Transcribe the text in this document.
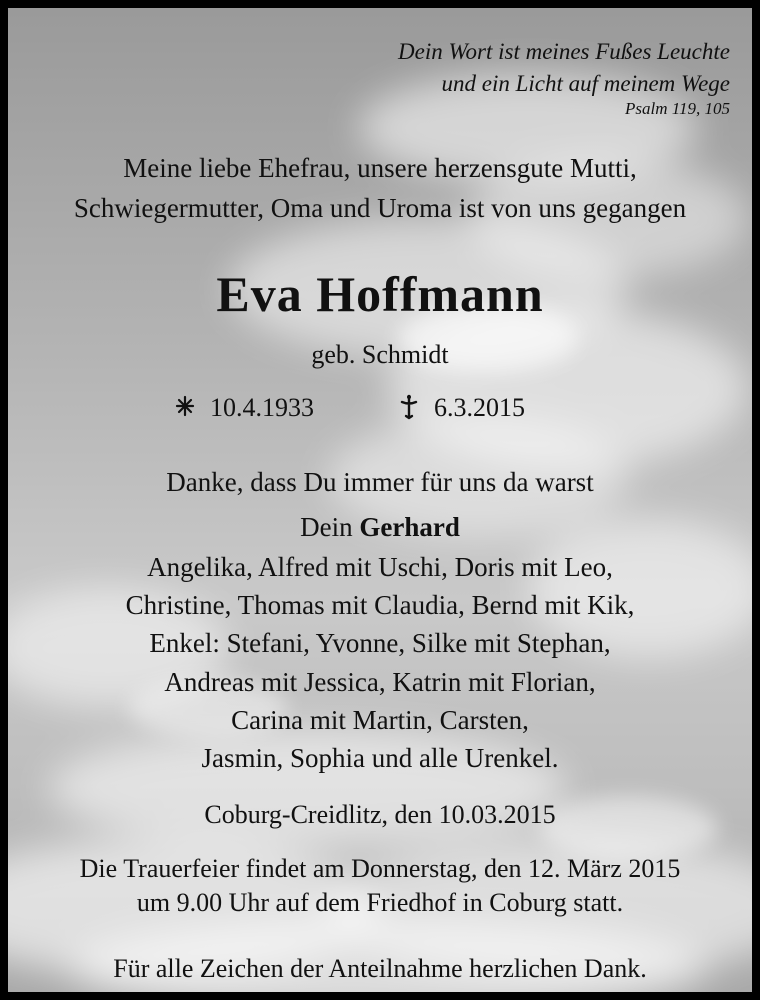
Dein Wort ist meines Fußes Leuchte
und ein Licht auf meinem Wege
Psalm 119, 105
Meine liebe Ehefrau, unsere herzensgute Mutti,
Schwiegermutter, Oma und Uroma ist von uns gegangen
Eva Hoffmann
geb. Schmidt
10.4.1933	6.3.2015
Danke, dass Du immer für uns da warst
Dein Gerhard
Angelika, Alfred mit Uschi, Doris mit Leo,
Christine, Thomas mit Claudia, Bernd mit Kik,
Enkel: Stefani, Yvonne, Silke mit Stephan,
Andreas mit Jessica, Katrin mit Florian,
Carina mit Martin, Carsten,
Jasmin, Sophia und alle Urenkel.
Coburg-Creidlitz, den 10.03.2015
Die Trauerfeier findet am Donnerstag, den 12. März 2015
um 9.00 Uhr auf dem Friedhof in Coburg statt.
Für alle Zeichen der Anteilnahme herzlichen Dank.
